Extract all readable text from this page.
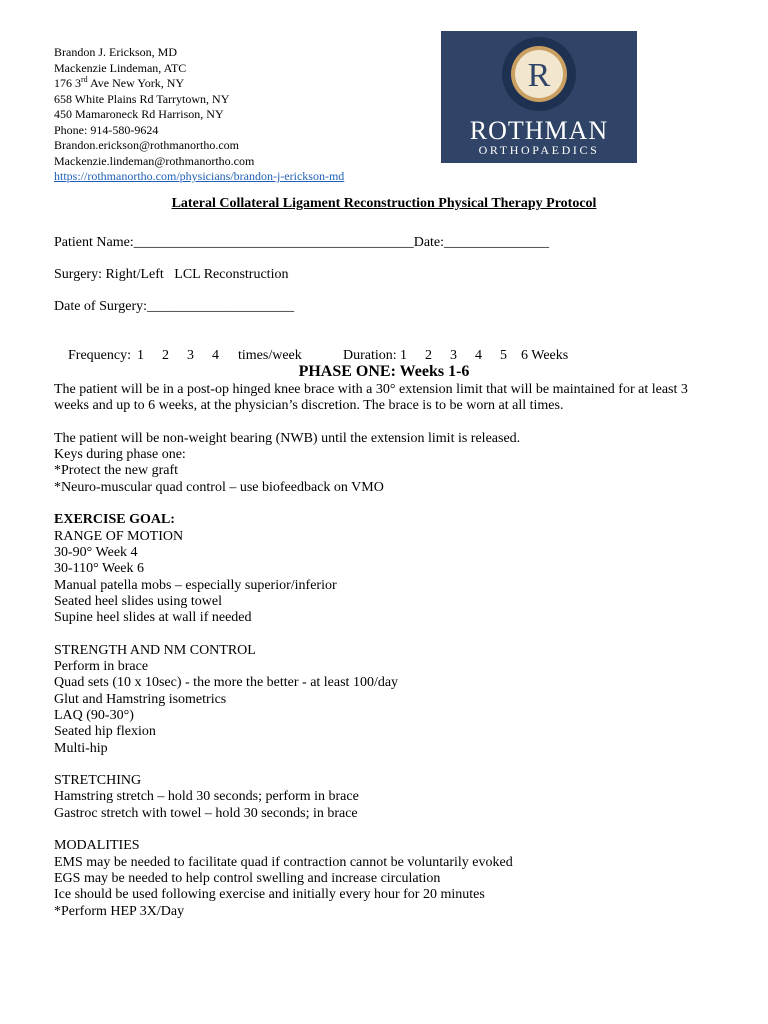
Brandon J. Erickson, MD
Mackenzie Lindeman, ATC
176 3rd Ave New York, NY
658 White Plains Rd Tarrytown, NY
450 Mamaroneck Rd Harrison, NY
Phone: 914-580-9624
Brandon.erickson@rothmanortho.com
Mackenzie.lindeman@rothmanortho.com
https://rothmanortho.com/physicians/brandon-j-erickson-md
R
ROTHMAN
ORTHOPAEDICS
Lateral Collateral Ligament Reconstruction Physical Therapy Protocol
Patient Name:________________________________________Date:_______________
Surgery: Right/Left   LCL Reconstruction
Date of Surgery:_____________________

Frequency: 1 2 3 4 times/week	Duration: 1 2 3 4 5 6 Weeks

PHASE ONE: Weeks 1-6
The patient will be in a post-op hinged knee brace with a 30° extension limit that will be maintained for at least 3 weeks and up to 6 weeks, at the physician’s discretion. The brace is to be worn at all times.
The patient will be non-weight bearing (NWB) until the extension limit is released.
Keys during phase one:
*Protect the new graft
*Neuro-muscular quad control – use biofeedback on VMO
EXERCISE GOAL:
RANGE OF MOTION
30-90° Week 4
30-110° Week 6
Manual patella mobs – especially superior/inferior
Seated heel slides using towel
Supine heel slides at wall if needed
STRENGTH AND NM CONTROL
Perform in brace
Quad sets (10 x 10sec) - the more the better - at least 100/day
Glut and Hamstring isometrics
LAQ (90-30°)
Seated hip flexion
Multi-hip
STRETCHING
Hamstring stretch – hold 30 seconds; perform in brace
Gastroc stretch with towel – hold 30 seconds; in brace
MODALITIES
EMS may be needed to facilitate quad if contraction cannot be voluntarily evoked
EGS may be needed to help control swelling and increase circulation
Ice should be used following exercise and initially every hour for 20 minutes
*Perform HEP 3X/Day
